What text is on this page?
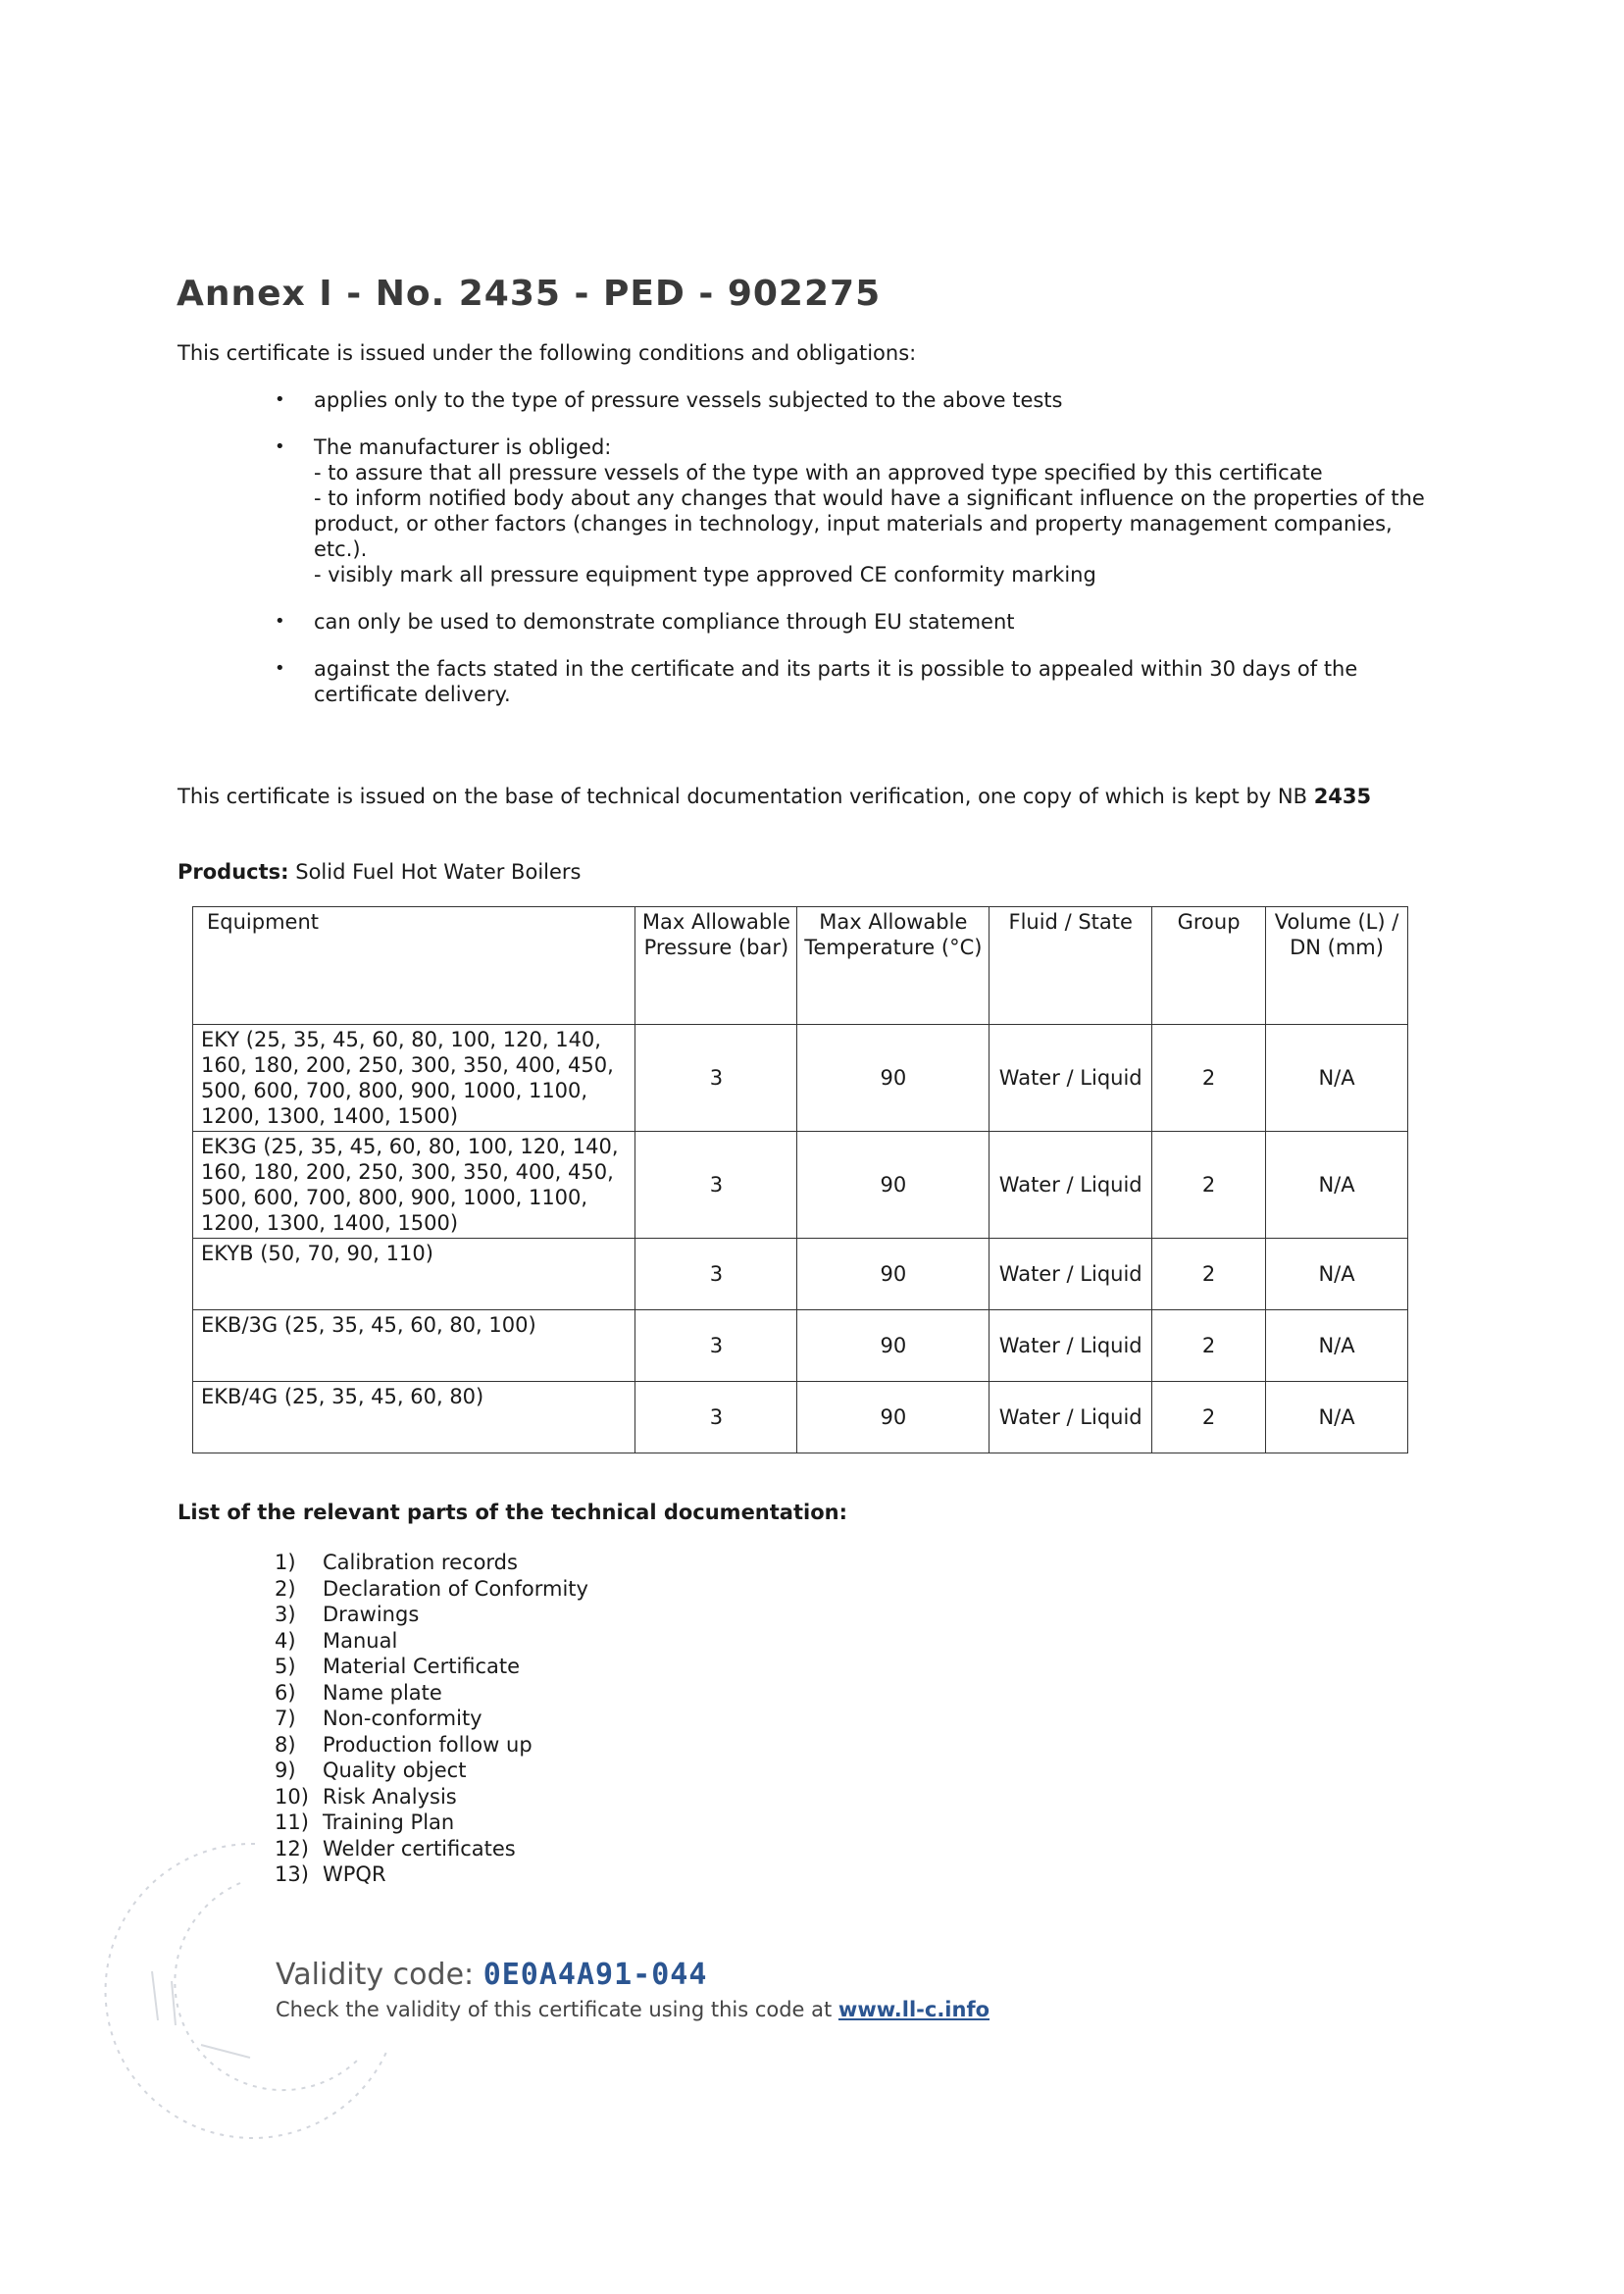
Annex I - No. 2435 - PED - 902275
This certificate is issued under the following conditions and obligations:
• applies only to the type of pressure vessels subjected to the above tests
• The manufacturer is obliged:
- to assure that all pressure vessels of the type with an approved type specified by this certificate
- to inform notified body about any changes that would have a significant influence on the properties of the product, or other factors (changes in technology, input materials and property management companies, etc.).
- visibly mark all pressure equipment type approved CE conformity marking
• can only be used to demonstrate compliance through EU statement
• against the facts stated in the certificate and its parts it is possible to appealed within 30 days of the certificate delivery.
This certificate is issued on the base of technical documentation verification, one copy of which is kept by NB 2435
Products: Solid Fuel Hot Water Boilers
Equipment	Max Allowable Pressure (bar)	Max Allowable Temperature (°C)	Fluid / State	Group	Volume (L) / DN (mm)
EKY (25, 35, 45, 60, 80, 100, 120, 140, 160, 180, 200, 250, 300, 350, 400, 450, 500, 600, 700, 800, 900, 1000, 1100, 1200, 1300, 1400, 1500)	3	90	Water / Liquid	2	N/A
EK3G (25, 35, 45, 60, 80, 100, 120, 140, 160, 180, 200, 250, 300, 350, 400, 450, 500, 600, 700, 800, 900, 1000, 1100, 1200, 1300, 1400, 1500)	3	90	Water / Liquid	2	N/A
EKYB (50, 70, 90, 110)	3	90	Water / Liquid	2	N/A
EKB/3G (25, 35, 45, 60, 80, 100)	3	90	Water / Liquid	2	N/A
EKB/4G (25, 35, 45, 60, 80)	3	90	Water / Liquid	2	N/A
List of the relevant parts of the technical documentation:
1)	Calibration records
2)	Declaration of Conformity
3)	Drawings
4)	Manual
5)	Material Certificate
6)	Name plate
7)	Non-conformity
8)	Production follow up
9)	Quality object
10) Risk Analysis
11) Training Plan
12) Welder certificates
13) WPQR
Validity code: 0E0A4A91-044
Check the validity of this certificate using this code at www.ll-c.info
